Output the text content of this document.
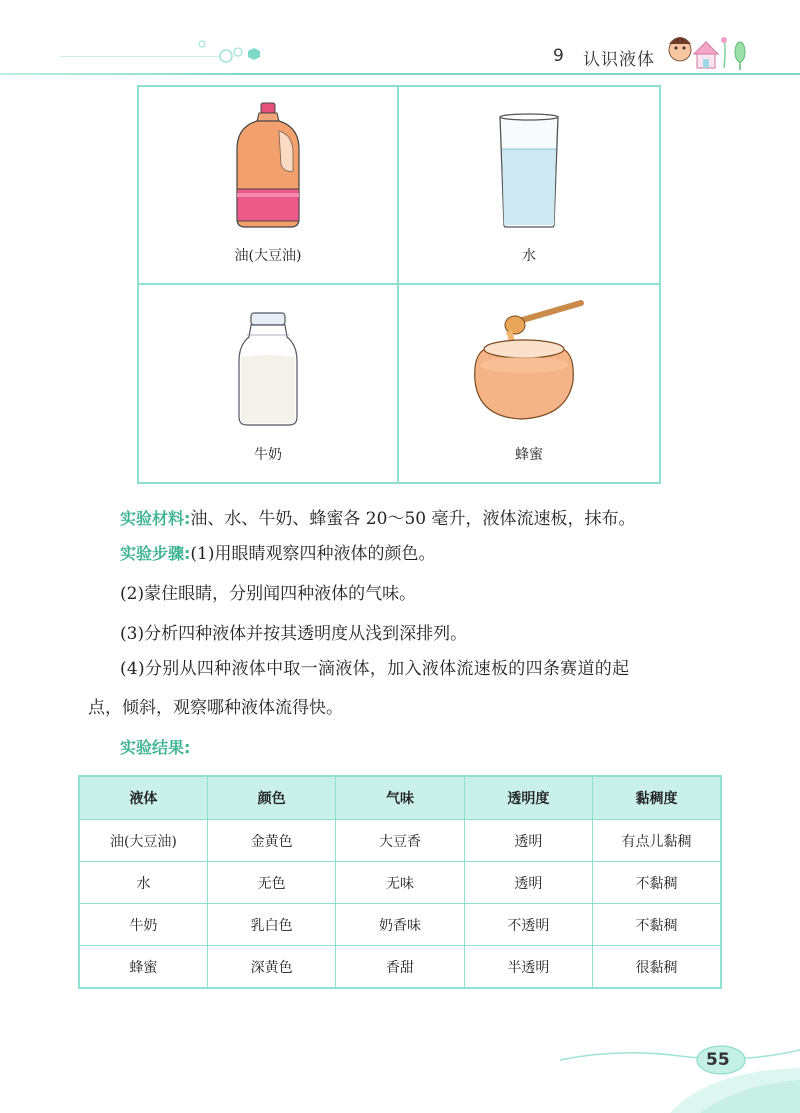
9 认识液体
油(大豆油)	水
牛奶	蜂蜜
实验材料:油、水、牛奶、蜂蜜各 20～50 毫升，液体流速板，抹布。
实验步骤:(1)用眼睛观察四种液体的颜色。
(2)蒙住眼睛，分别闻四种液体的气味。
(3)分析四种液体并按其透明度从浅到深排列。
(4)分别从四种液体中取一滴液体，加入液体流速板的四条赛道的起
点，倾斜，观察哪种液体流得快。
实验结果:
液体	颜色	气味	透明度	黏稠度
油(大豆油)	金黄色	大豆香	透明	有点儿黏稠
水	无色	无味	透明	不黏稠
牛奶	乳白色	奶香味	不透明	不黏稠
蜂蜜	深黄色	香甜	半透明	很黏稠
55
